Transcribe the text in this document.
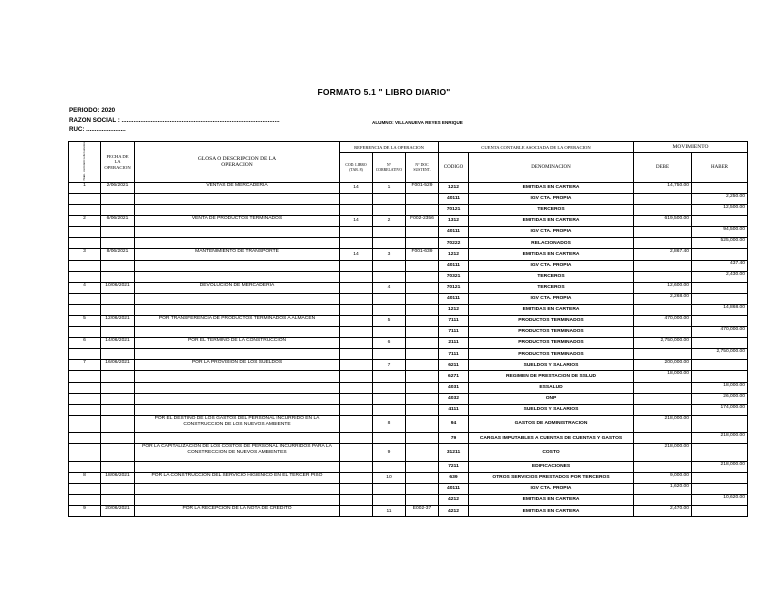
FORMATO 5.1 " LIBRO DIARIO"
PERIODO: 2020
RAZON SOCIAL : ............................................................................................
RUC: .......................
ALUMNO: VILLANUEVA REYES ENRIQUE
Num. correlativo del asiento	FECHA DE LA OPERACION	GLOSA O DESCRIPCION DE LA OPERACION	REFERENCIA DE LA OPERACION			CUENTA CONTABLE ASOCIADA DE LA OPERACION		MOVIMIENTO	
			COD. LIBRO (TAB. 8)	N° CORRELATIVO	N° DOC SUSTENT.	CODIGO	DENOMINACION	DEBE	HABER
1	2/06/2021	VENTAS DE MERCADERIA	14	1	F001-529	1212	EMITIDAS EN CARTERA	14,750.00	
						40111	IGV CTA. PROPIA		2,250.00
						70121	TERCEROS		12,500.00
2	6/06/2021	VENTA DE PRODUCTOS TERMINADOS	14	2	F002-2356	1312	EMITIDAS EN CARTERA	619,500.00	
						40111	IGV CTA. PROPIA		94,500.00
						70222	RELACIONADOS		525,000.00
3	8/06/2021	MANTENIMIENTO DE TRANSPORTE	14	3	F001-639	1212	EMITIDAS EN CARTERA	2,867.40	
						40111	IGV CTA. PROPIA		437.40
						70321	TERCEROS		2,430.00
4	10/06/2021	DEVOLUCION DE MERCADERIA		4		70121	TERCEROS	12,600.00	
						40111	IGV CTA. PROPIA	2,268.00	
						1212	EMITIDAS EN CARTERA		14,868.00
5	12/06/2021	POR TRANSFERENCIA DE PRODUCTOS TERMINADOS A ALMACEN		5		7111	PRODUCTOS TERMINADOS	470,000.00	
						7111	PRODUCTOS TERMINADOS		470,000.00
6	14/06/2021	POR EL TERMINO DE LA CONSTRUCCION		6		2111	PRODUCTOS TERMINADOS	2,750,000.00	
						7111	PRODUCTOS TERMINADOS		2,750,000.00
7	16/06/2021	POR LA PROVISION DE LOS SUELDOS		7		6211	SUELDOS Y SALARIOS	200,000.00	
						6271	REGIMEN DE PRESTACION DE SSLUD	18,000.00	
						4031	ESSALUD		18,000.00
						4032	ONP		26,000.00
						4111	SUELDOS Y SALARIOS		174,000.00
		POR EL DESTINO DE LOS GASTOS DEL PERSONAL INCURRIDO EN LA CONSTRUCCION DE LOS NUEVOS AMBIENTE		8		94	GASTOS DE ADMINISTRACION	218,000.00	
						79	CARGAS IMPUTABLES A CUENTAS DE CUENTAS Y GASTOS		218,000.00
		POR LA CAPITALIZACION DE LOS COSTOS DE PERSONAL INCURRIDOS PARA LA CONSTRECCION DE NUEVOS AMBIENTES		9		31211	COSTO	218,000.00	
						7211	EDIFICACIONES		218,000.00
8	18/06/2021	POR LA CONSTRUCCION DEL SERVICIO HIGIENICO EN EL TERCER PISO		10		639	OTROS SERVICIOS PRESTADOS POR TERCEROS	9,000.00	
						40111	IGV CTA. PROPIA	1,620.00	
						4212	EMITIDAS EN CARTERA		10,620.00
9	20/06/2021	POR LA RECEPCION DE LA NOTA DE CREDITO		11	E002-37	4212	EMITIDAS EN CARTERA	2,470.00	
